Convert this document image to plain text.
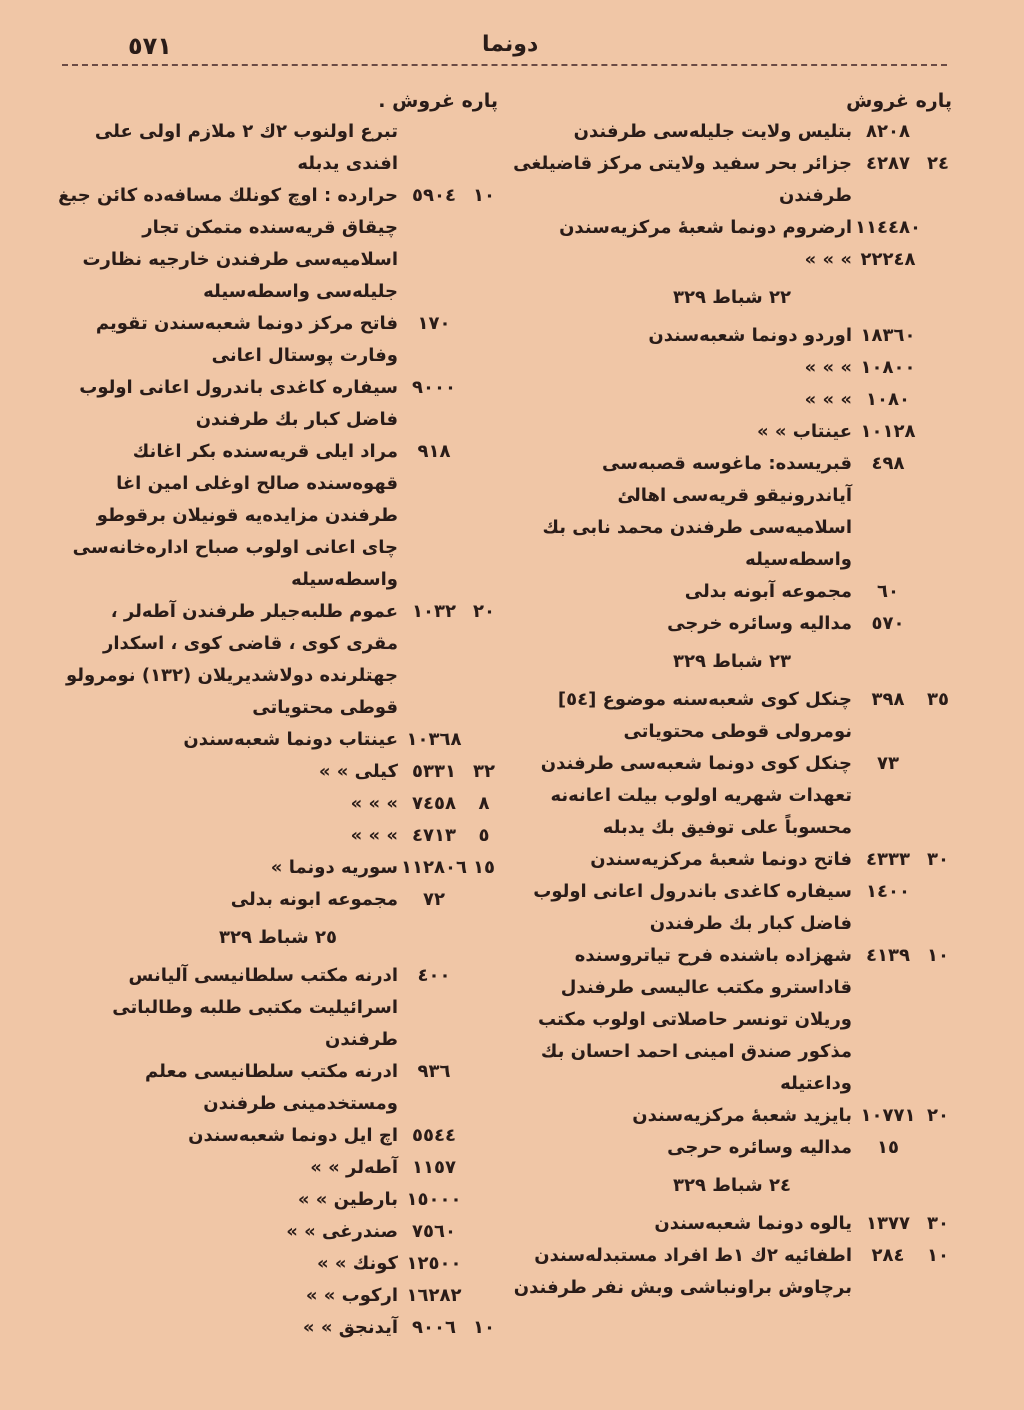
٥٧١	دونما
پاره غروش
٨٢٠٨
بتليس ولايت جليله‌سى طرفندن
٢٤
٤٢٨٧
جزائر بحر سفيد ولايتى مركز قاضيلغى طرفندن
١١٤٤٨٠
ارضروم دونما شعبهٔ مركزيه‌سندن
٢٢٢٤٨
» » »
٢٢ شباط ٣٢٩
١٨٣٦٠
اوردو دونما شعبه‌سندن
١٠٨٠٠
» » »
١٠٨٠
» » »
١٠١٢٨
عينتاب » »
٤٩٨
قبريسده: ماغوسه قصبه‌سى آياندرونيقو قريه‌سى اهالئ اسلاميه‌سى طرفندن محمد نابى بك واسطه‌سيله
٦٠
مجموعه آبونه بدلى
٥٧٠
مداليه وسائره خرجى
٢٣ شباط ٣٢٩
٣٥
٣٩٨
چنكل كوى شعبه‌سنه موضوع [٥٤] نومرولى قوطى محتوياتى
٧٣
چنكل كوى دونما شعبه‌سى طرفندن تعهدات شهريه اولوب بيلت اعانه‌نه محسوباً على توفيق بك يدبله
٣٠
٤٣٣٣
فاتح دونما شعبهٔ مركزيه‌سندن
١٤٠٠
سيفاره كاغدى باندرول اعانى اولوب فاضل كبار بك طرفندن
١٠
٤١٣٩
شهزاده باشنده فرح تياتروسنده قاداسترو مكتب عاليسى طرفندل وريلان تونسر حاصلاتى اولوب مكتب مذكور صندق امينى احمد احسان بك وداعتيله
٢٠
١٠٧٧١
بايزيد شعبهٔ مركزيه‌سندن
١٥
مداليه وسائره حرجى
٢٤ شباط ٣٢٩
٣٠
١٣٧٧
يالوه دونما شعبه‌سندن
١٠
٢٨٤
اطفائيه ٢ك ١ط افراد مستبدله‌سندن برچاوش براونباشى وبش نفر طرفندن
پاره غروش .
تبرع اولنوب ٢ك ٢ ملازم اولى على افندى يدبله
١٠
٥٩٠٤
حرارده : اوچ كونلك مسافه‌ده كائن جبغ چيقاق قريه‌سنده متمكن تجار اسلاميه‌سى طرفندن خارجيه نظارت جليله‌سى واسطه‌سيله
١٧٠
فاتح مركز دونما شعبه‌سندن تقويم وفارت پوستال اعانى
٩٠٠٠
سيفاره كاغدى باندرول اعانى اولوب فاضل كبار بك طرفندن
٩١٨
مراد ايلى قريه‌سنده بكر اغانك قهوه‌سنده صالح اوغلى امين اغا طرفندن مزايده‌يه قونيلان برقوطو چاى اعانى اولوب صباح اداره‌خانه‌سى واسطه‌سيله
٢٠
١٠٣٢
عموم طلبه‌جيلر طرفندن آطه‌لر ، مقرى كوى ، قاضى كوى ، اسكدار جهتلرنده دولاشديريلان (١٣٢) نومرولو قوطى محتوياتى
١٠٣٦٨
عينتاب دونما شعبه‌سندن
٣٢
٥٣٣١
كيلى » »
٨
٧٤٥٨
» » »
٥
٤٧١٣
» » »
١٥
١١٢٨٠٦
سوريه دونما »
٧٢
مجموعه ابونه بدلى
٢٥ شباط ٣٢٩
٤٠٠
ادرنه مكتب سلطانيسى آليانس اسرائيليت مكتبى طلبه وطالباتى طرفندن
٩٣٦
ادرنه مكتب سلطانيسى معلم ومستخدمينى طرفندن
٥٥٤٤
اچ ايل دونما شعبه‌سندن
١١٥٧
آطه‌لر » »
١٥٠٠٠
بارطين » »
٧٥٦٠
صندرغى » »
١٢٥٠٠
كونك » »
١٦٢٨٢
اركوب » »
١٠
٩٠٠٦
آيدنجق » »
